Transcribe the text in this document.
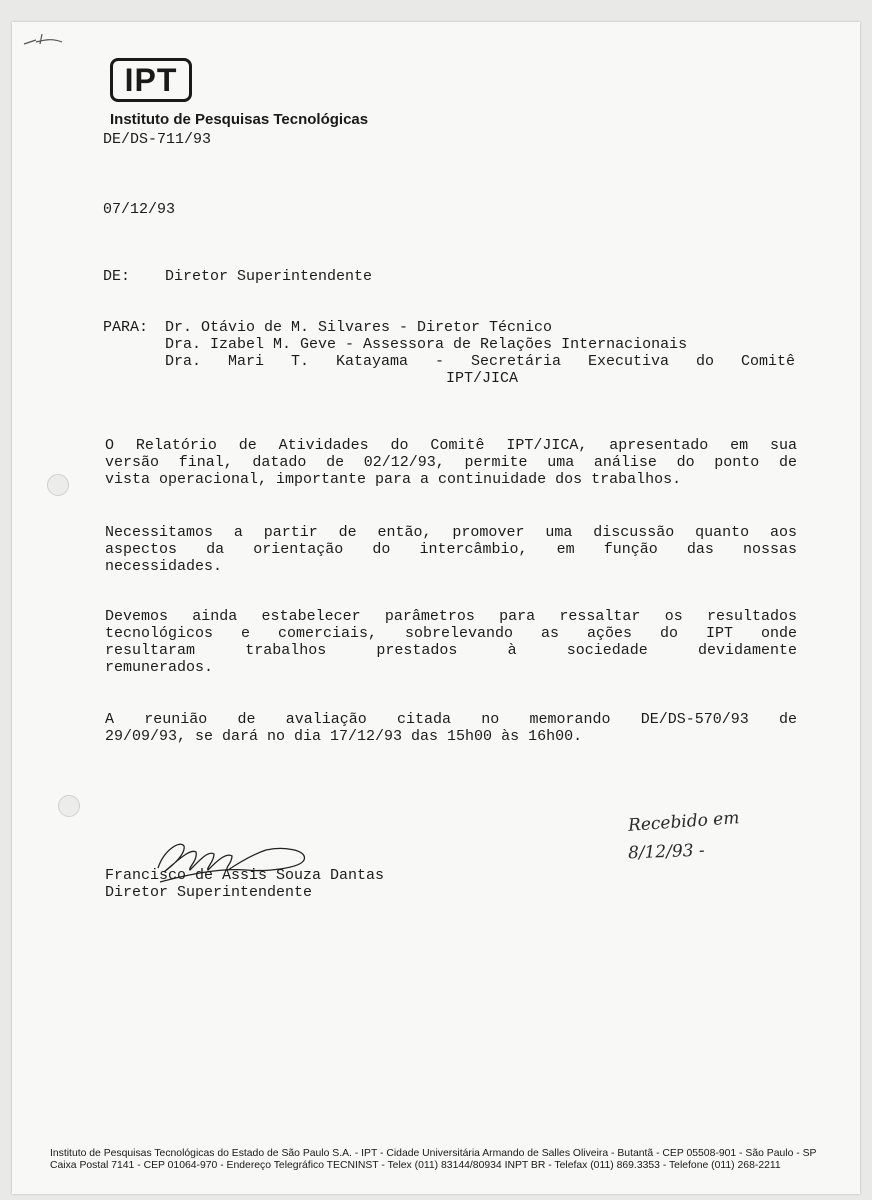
IPT
Instituto de Pesquisas Tecnológicas
DE/DS-711/93
07/12/93
DE: Diretor Superintendente
PARA: Dr. Otávio de M. Silvares - Diretor Técnico
Dra. Izabel M. Geve - Assessora de Relações Internacionais
Dra. Mari T. Katayama - Secretária Executiva do Comitê
IPT/JICA
O Relatório de Atividades do Comitê IPT/JICA, apresentado em sua
versão final, datado de 02/12/93, permite uma análise do ponto de
vista operacional, importante para a continuidade dos trabalhos.
Necessitamos a partir de então, promover uma discussão quanto aos
aspectos da orientação do intercâmbio, em função das nossas
necessidades.
Devemos ainda estabelecer parâmetros para ressaltar os resultados
tecnológicos e comerciais, sobrelevando as ações do IPT onde
resultaram trabalhos prestados à sociedade devidamente
remunerados.
A reunião de avaliação citada no memorando DE/DS-570/93 de
29/09/93, se dará no dia 17/12/93 das 15h00 às 16h00.
Recebido em
8/12/93 -
Francisco de Assis Souza Dantas
Diretor Superintendente
Instituto de Pesquisas Tecnológicas do Estado de São Paulo S.A. - IPT - Cidade Universitária Armando de Salles Oliveira - Butantã - CEP 05508-901 - São Paulo - SP
Caixa Postal 7141 - CEP 01064-970 - Endereço Telegráfico TECNINST - Telex (011) 83144/80934 INPT BR - Telefax (011) 869.3353 - Telefone (011) 268-2211
